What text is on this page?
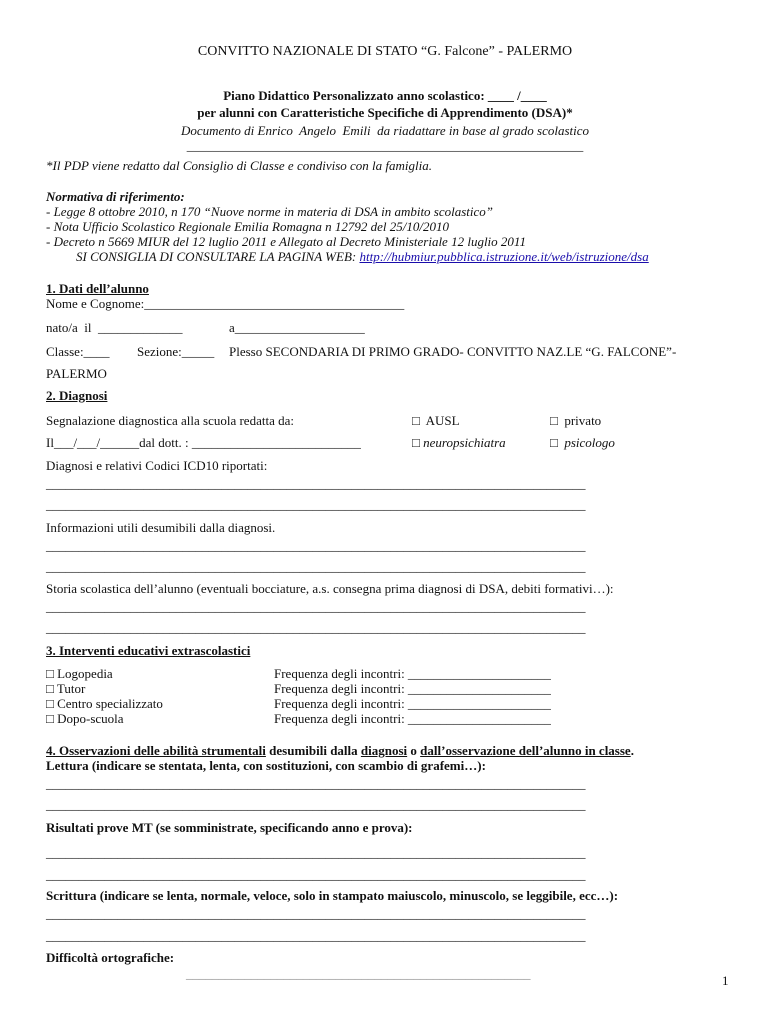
CONVITTO NAZIONALE DI STATO “G. Falcone” - PALERMO
Piano Didattico Personalizzato anno scolastico: ____ /____
per alunni con Caratteristiche Specifiche di Apprendimento (DSA)*
Documento di Enrico  Angelo  Emili  da riadattare in base al grado scolastico
_____________________________________________________________
*Il PDP viene redatto dal Consiglio di Classe e condiviso con la famiglia.
Normativa di riferimento:
- Legge 8 ottobre 2010, n 170 “Nuove norme in materia di DSA in ambito scolastico”
- Nota Ufficio Scolastico Regionale Emilia Romagna n 12792 del 25/10/2010
- Decreto n 5669 MIUR del 12 luglio 2011 e Allegato al Decreto Ministeriale 12 luglio 2011
SI CONSIGLIA DI CONSULTARE LA PAGINA WEB: http://hubmiur.pubblica.istruzione.it/web/istruzione/dsa
1. Dati dell’alunno
Nome e Cognome:________________________________________
nato/a  il  _____________	a____________________
Classe:____ Sezione:_____ Plesso SECONDARIA DI PRIMO GRADO- CONVITTO NAZ.LE “G. FALCONE”-
PALERMO
2. Diagnosi
Segnalazione diagnostica alla scuola redatta da:	□  AUSL	□  privato
Il___/___/______dal dott. : __________________________	□ neuropsichiatra	□  psicologo
Diagnosi e relativi Codici ICD10 riportati:
___________________________________________________________________________________
___________________________________________________________________________________
Informazioni utili desumibili dalla diagnosi.
___________________________________________________________________________________
___________________________________________________________________________________
Storia scolastica dell’alunno (eventuali bocciature, a.s. consegna prima diagnosi di DSA, debiti formativi…):
___________________________________________________________________________________
___________________________________________________________________________________
3. Interventi educativi extrascolastici
□ Logopedia	Frequenza degli incontri: ______________________
□ Tutor	Frequenza degli incontri: ______________________
□ Centro specializzato	Frequenza degli incontri: ______________________
□ Dopo-scuola	Frequenza degli incontri: ______________________
4. Osservazioni delle abilità strumentali desumibili dalla diagnosi o dall’osservazione dell’alunno in classe.
Lettura (indicare se stentata, lenta, con sostituzioni, con scambio di grafemi…):
___________________________________________________________________________________
___________________________________________________________________________________
Risultati prove MT (se somministrate, specificando anno e prova):
___________________________________________________________________________________
___________________________________________________________________________________
Scrittura (indicare se lenta, normale, veloce, solo in stampato maiuscolo, minuscolo, se leggibile, ecc…):
___________________________________________________________________________________
___________________________________________________________________________________
Difficoltà ortografiche:
_____________________________________________________	1
